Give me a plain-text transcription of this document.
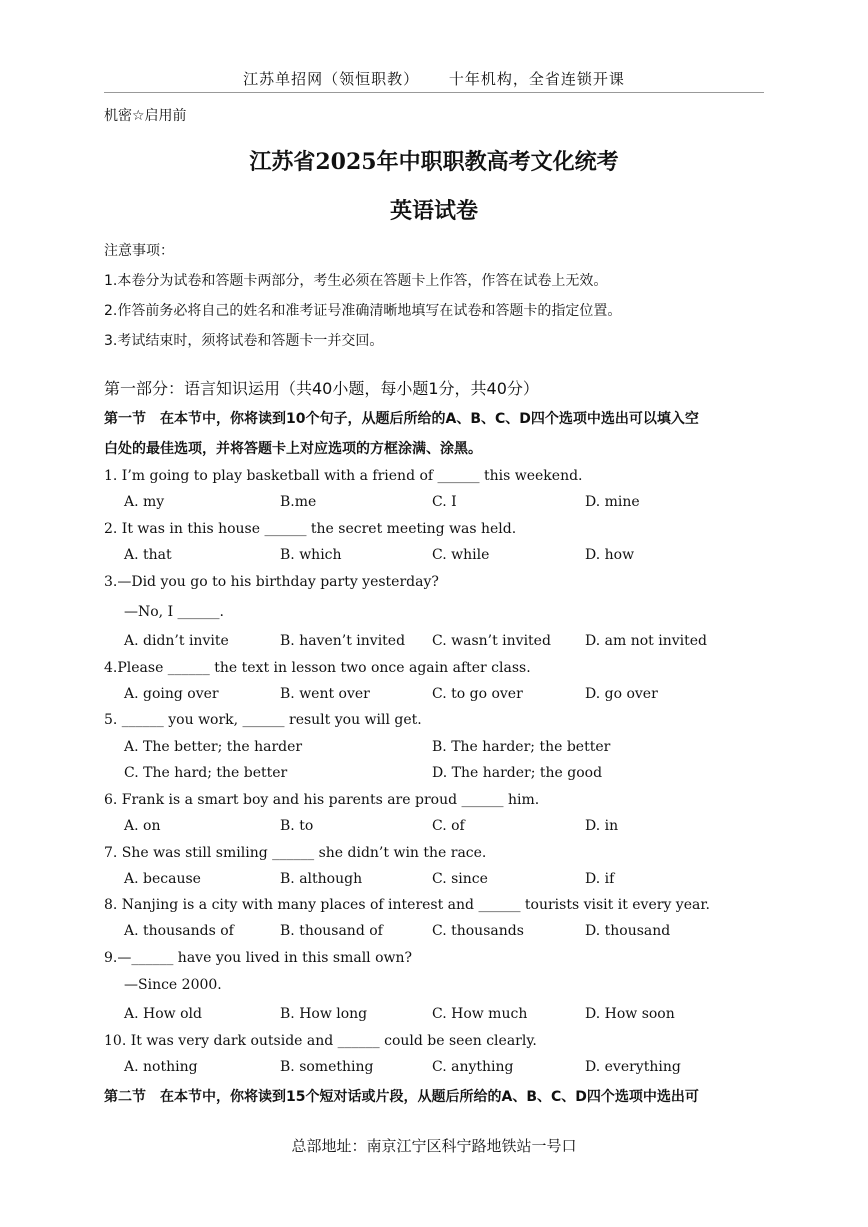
江苏单招网（领恒职教） 十年机构，全省连锁开课
机密☆启用前
江苏省2025年中职职教高考文化统考
英语试卷
注意事项：
1.本卷分为试卷和答题卡两部分，考生必须在答题卡上作答，作答在试卷上无效。
2.作答前务必将自己的姓名和准考证号准确清晰地填写在试卷和答题卡的指定位置。
3.考试结束时，须将试卷和答题卡一并交回。
第一部分：语言知识运用（共40小题，每小题1分，共40分）
第一节　在本节中，你将读到10个句子，从题后所给的A、B、C、D四个选项中选出可以填入空
白处的最佳选项，并将答题卡上对应选项的方框涂满、涂黑。
1. I’m going to play basketball with a friend of ______ this weekend.
A. my	B.me	C. I	D. mine
2. It was in this house ______ the secret meeting was held.
A. that	B. which	C. while	D. how
3.—Did you go to his birthday party yesterday?
—No, I ______.
A. didn’t invite	B. haven’t invited C. wasn’t invited D. am not invited
4.Please ______ the text in lesson two once again after class.
A. going over	B. went over	C. to go over	D. go over
5. ______ you work, ______ result you will get.
A. The better; the harder	B. The harder; the better
C. The hard; the better	D. The harder; the good
6. Frank is a smart boy and his parents are proud ______ him.
A. on	B. to	C. of	D. in
7. She was still smiling ______ she didn’t win the race.
A. because	B. although	C. since	D. if
8. Nanjing is a city with many places of interest and ______ tourists visit it every year.
A. thousands of	B. thousand of	C. thousands	D. thousand
9.—______ have you lived in this small own?
—Since 2000.
A. How old	B. How long	C. How much	D. How soon
10. It was very dark outside and ______ could be seen clearly.
A. nothing	B. something	C. anything	D. everything
第二节　在本节中，你将读到15个短对话或片段，从题后所给的A、B、C、D四个选项中选出可
总部地址：南京江宁区科宁路地铁站一号口
